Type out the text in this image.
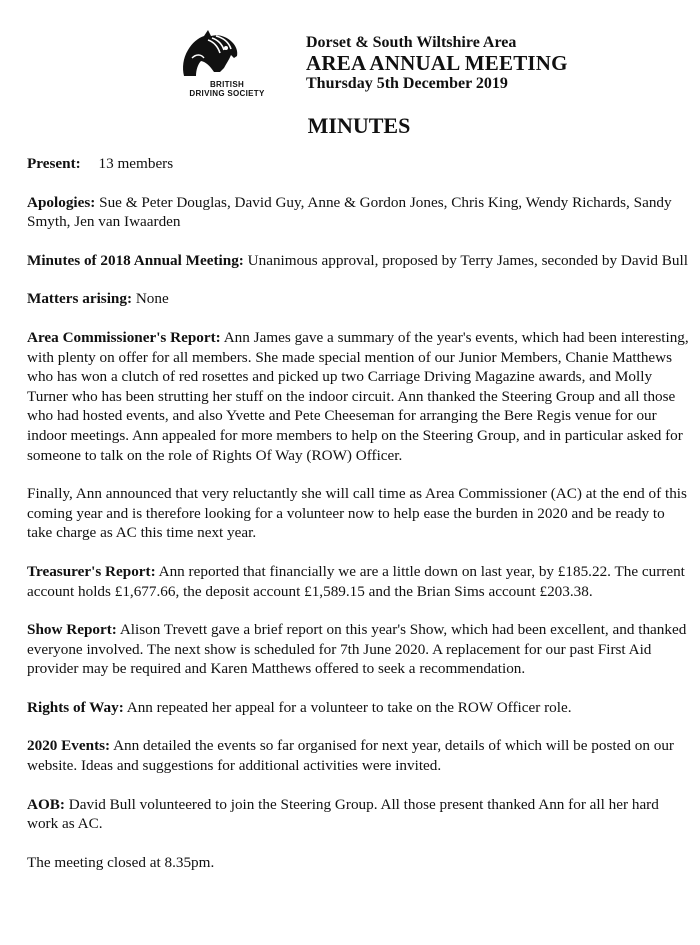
BRITISH
DRIVING SOCIETY
Dorset & South Wiltshire Area
AREA ANNUAL MEETING
Thursday 5th December 2019
MINUTES

Present: 13 members

Apologies: Sue & Peter Douglas, David Guy, Anne & Gordon Jones, Chris King, Wendy Richards, Sandy Smyth, Jen van Iwaarden

Minutes of 2018 Annual Meeting: Unanimous approval, proposed by Terry James, seconded by David Bull

Matters arising: None

Area Commissioner's Report: Ann James gave a summary of the year's events, which had been interesting, with plenty on offer for all members. She made special mention of our Junior Members, Chanie Matthews who has won a clutch of red rosettes and picked up two Carriage Driving Magazine awards, and Molly Turner who has been strutting her stuff on the indoor circuit. Ann thanked the Steering Group and all those who had hosted events, and also Yvette and Pete Cheeseman for arranging the Bere Regis venue for our indoor meetings. Ann appealed for more members to help on the Steering Group, and in particular asked for someone to talk on the role of Rights Of Way (ROW) Officer.

Finally, Ann announced that very reluctantly she will call time as Area Commissioner (AC) at the end of this coming year and is therefore looking for a volunteer now to help ease the burden in 2020 and be ready to take charge as AC this time next year.

Treasurer's Report: Ann reported that financially we are a little down on last year, by £185.22. The current account holds £1,677.66, the deposit account £1,589.15 and the Brian Sims account £203.38.

Show Report: Alison Trevett gave a brief report on this year's Show, which had been excellent, and thanked everyone involved. The next show is scheduled for 7th June 2020. A replacement for our past First Aid provider may be required and Karen Matthews offered to seek a recommendation.

Rights of Way: Ann repeated her appeal for a volunteer to take on the ROW Officer role.

2020 Events: Ann detailed the events so far organised for next year, details of which will be posted on our website. Ideas and suggestions for additional activities were invited.

AOB: David Bull volunteered to join the Steering Group. All those present thanked Ann for all her hard work as AC.

The meeting closed at 8.35pm.
